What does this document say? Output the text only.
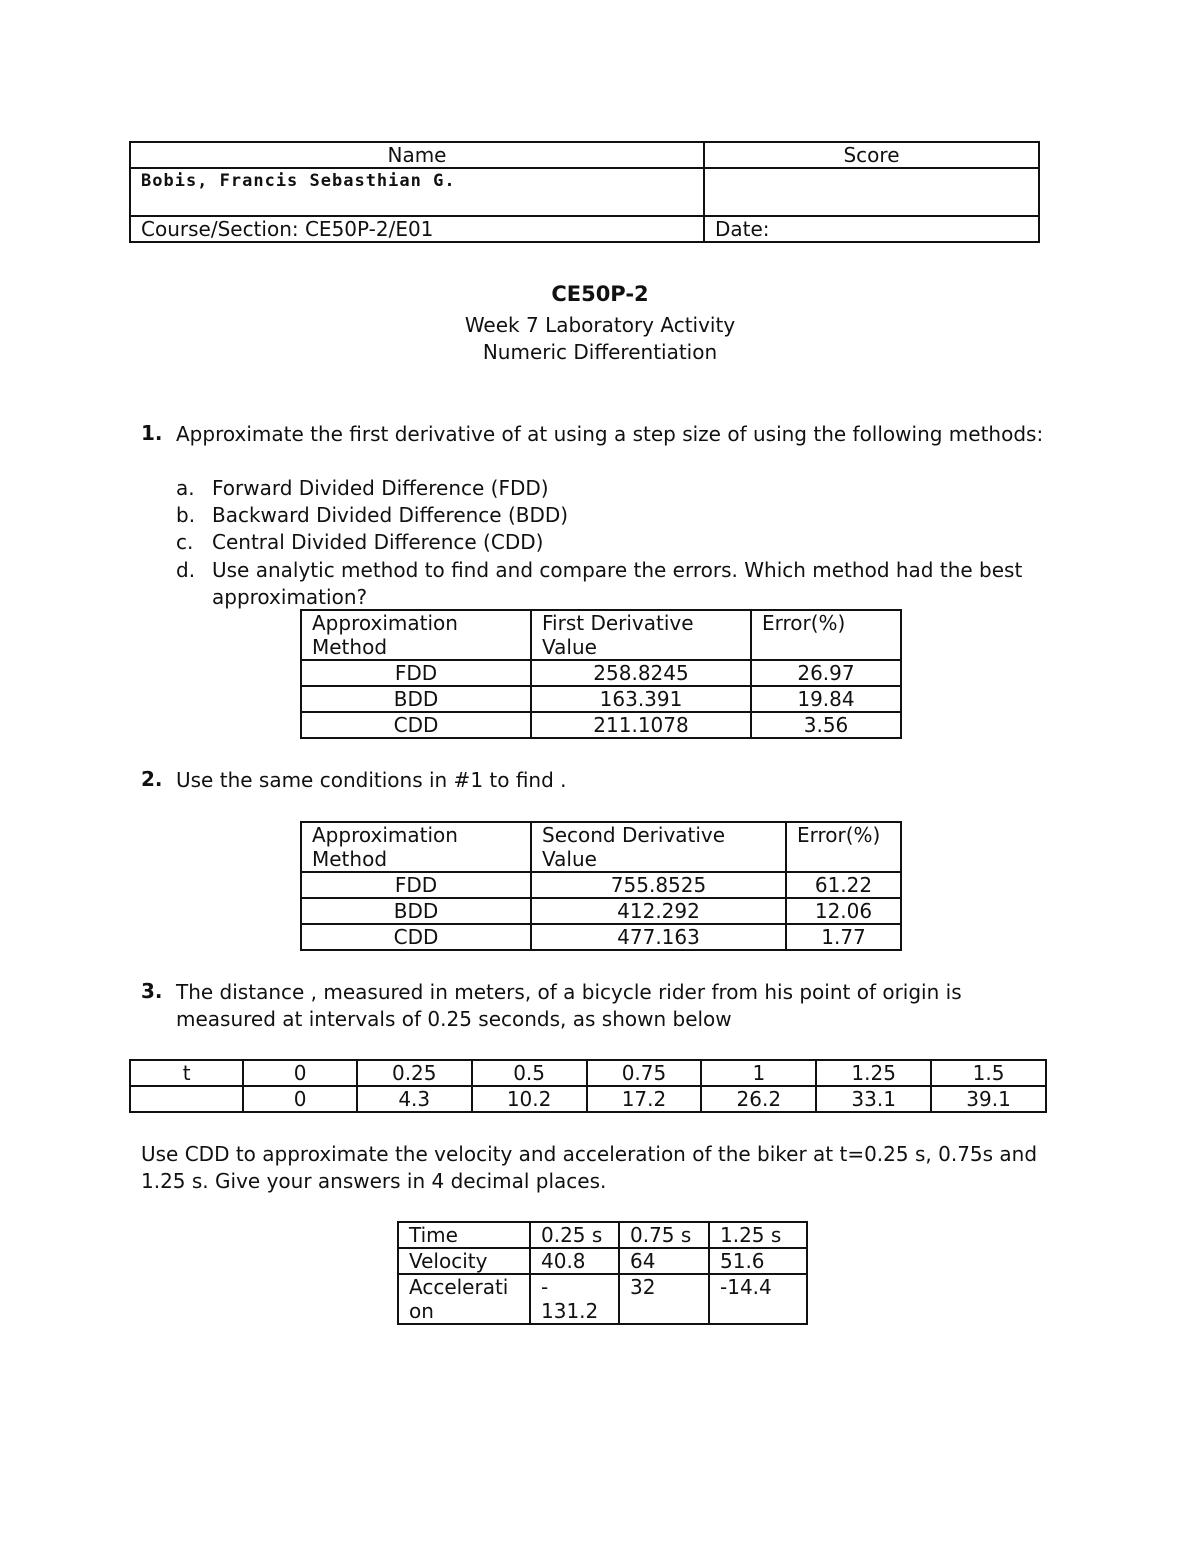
Name	Score
Bobis, Francis Sebasthian G.	
Course/Section: CE50P-2/E01	Date:
CE50P-2
Week 7 Laboratory Activity
Numeric Differentiation
1. Approximate the first derivative of at using a step size of using the following methods:
a. Forward Divided Difference (FDD)
b. Backward Divided Difference (BDD)
c. Central Divided Difference (CDD)
d. Use analytic method to find and compare the errors. Which method had the best approximation?
Approximation Method	First Derivative Value	Error(%)
FDD	258.8245	26.97
BDD	163.391	19.84
CDD	211.1078	3.56
2. Use the same conditions in #1 to find .
Approximation Method	Second Derivative Value	Error(%)
FDD	755.8525	61.22
BDD	412.292	12.06
CDD	477.163	1.77
3. The distance , measured in meters, of a bicycle rider from his point of origin is measured at intervals of 0.25 seconds, as shown below
t	0	0.25	0.5	0.75	1	1.25	1.5
	0	4.3	10.2	17.2	26.2	33.1	39.1
Use CDD to approximate the velocity and acceleration of the biker at t=0.25 s, 0.75s and 1.25 s. Give your answers in 4 decimal places.
Time	0.25 s	0.75 s	1.25 s
Velocity	40.8	64	51.6
Accelerati on	- 131.2	32	-14.4
